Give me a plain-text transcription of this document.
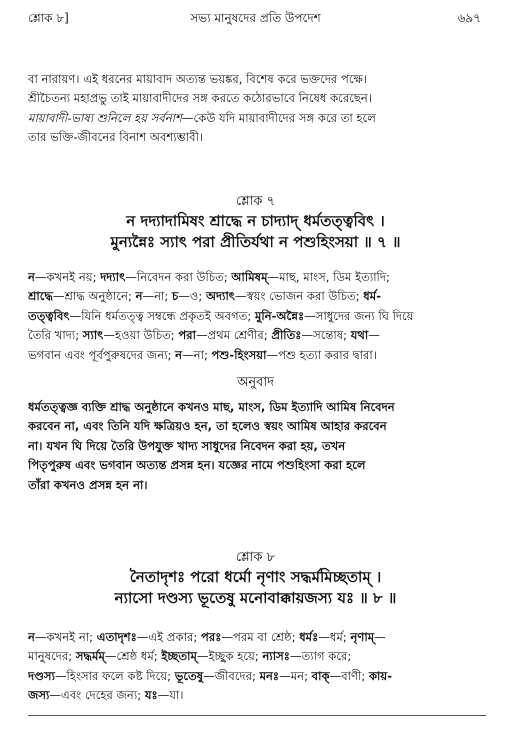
শ্লোক ৮]	সভ্য মানুষদের প্রতি উপদেশ	৬৯৭
বা নারায়ণ। এই ধরনের মায়াবাদ অত্যন্ত ভয়ঙ্কর, বিশেষ করে ভক্তদের পক্ষে।
শ্রীচৈতন্য মহাপ্রভু তাই মায়াবাদীদের সঙ্গ করতে কঠোরভাবে নিষেধ করেছেন।
মায়াবাদী-ভাষ্য শুনিলে হয় সর্বনাশ—কেউ যদি মায়াবাদীদের সঙ্গ করে তা হলে
তার ভক্তি-জীবনের বিনাশ অবশ্যম্ভাবী।
শ্লোক ৭
ন দদ্যাদামিষং শ্রাদ্ধে ন চাদ্যাদ্ ধর্মতত্ত্ববিৎ ।
মুন্যন্নৈঃ স্যাৎ পরা প্রীতির্যথা ন পশুহিংসয়া ॥ ৭ ॥
ন—কখনই নয়; দদ্যাৎ—নিবেদন করা উচিত; আমিষম্—মাছ, মাংস, ডিম ইত্যাদি;
শ্রাদ্ধে—শ্রাদ্ধ অনুষ্ঠানে; ন—না; চ—ও; অদ্যাৎ—স্বয়ং ভোজন করা উচিত; ধর্ম-
তত্ত্ববিৎ—যিনি ধর্মতত্ত্ব সম্বন্ধে প্রকৃতই অবগত; মুনি-অন্নৈঃ—সাধুদের জন্য ঘি দিয়ে
তৈরি খাদ্য; স্যাৎ—হওয়া উচিত; পরা—প্রথম শ্রেণীর; প্রীতিঃ—সন্তোষ; যথা—
ভগবান এবং পূর্বপুরুষদের জন্য; ন—না; পশু-হিংসয়া—পশু হত্যা করার দ্বারা।
অনুবাদ
ধর্মতত্ত্বজ্ঞ ব্যক্তি শ্রাদ্ধ অনুষ্ঠানে কখনও মাছ, মাংস, ডিম ইত্যাদি আমিষ নিবেদন
করবেন না, এবং তিনি যদি ক্ষত্রিয়ও হন, তা হলেও স্বয়ং আমিষ আহার করবেন
না। যখন ঘি দিয়ে তৈরি উপযুক্ত খাদ্য সাধুদের নিবেদন করা হয়, তখন
পিতৃপুরুষ এবং ভগবান অত্যন্ত প্রসন্ন হন। যজ্ঞের নামে পশুহিংসা করা হলে
তাঁরা কখনও প্রসন্ন হন না।
শ্লোক ৮
নৈতাদৃশঃ পরো ধর্মো নৃণাং সদ্ধর্মমিচ্ছতাম্ ।
ন্যাসো দণ্ডস্য ভূতেষু মনোবাক্কায়জস্য যঃ ॥ ৮ ॥
ন—কখনই না; এতাদৃশঃ—এই প্রকার; পরঃ—পরম বা শ্রেষ্ঠ; ধর্মঃ—ধর্ম; নৃণাম্—
মানুষদের; সদ্ধর্মম্—শ্রেষ্ঠ ধর্ম; ইচ্ছতাম্—ইচ্ছুক হয়ে; ন্যাসঃ—ত্যাগ করে;
দণ্ডস্য—হিংসার ফলে কষ্ট দিয়ে; ভূতেষু—জীবদের; মনঃ—মন; বাক্—বাণী; কায়-
জস্য—এবং দেহের জন্য; যঃ—যা।
